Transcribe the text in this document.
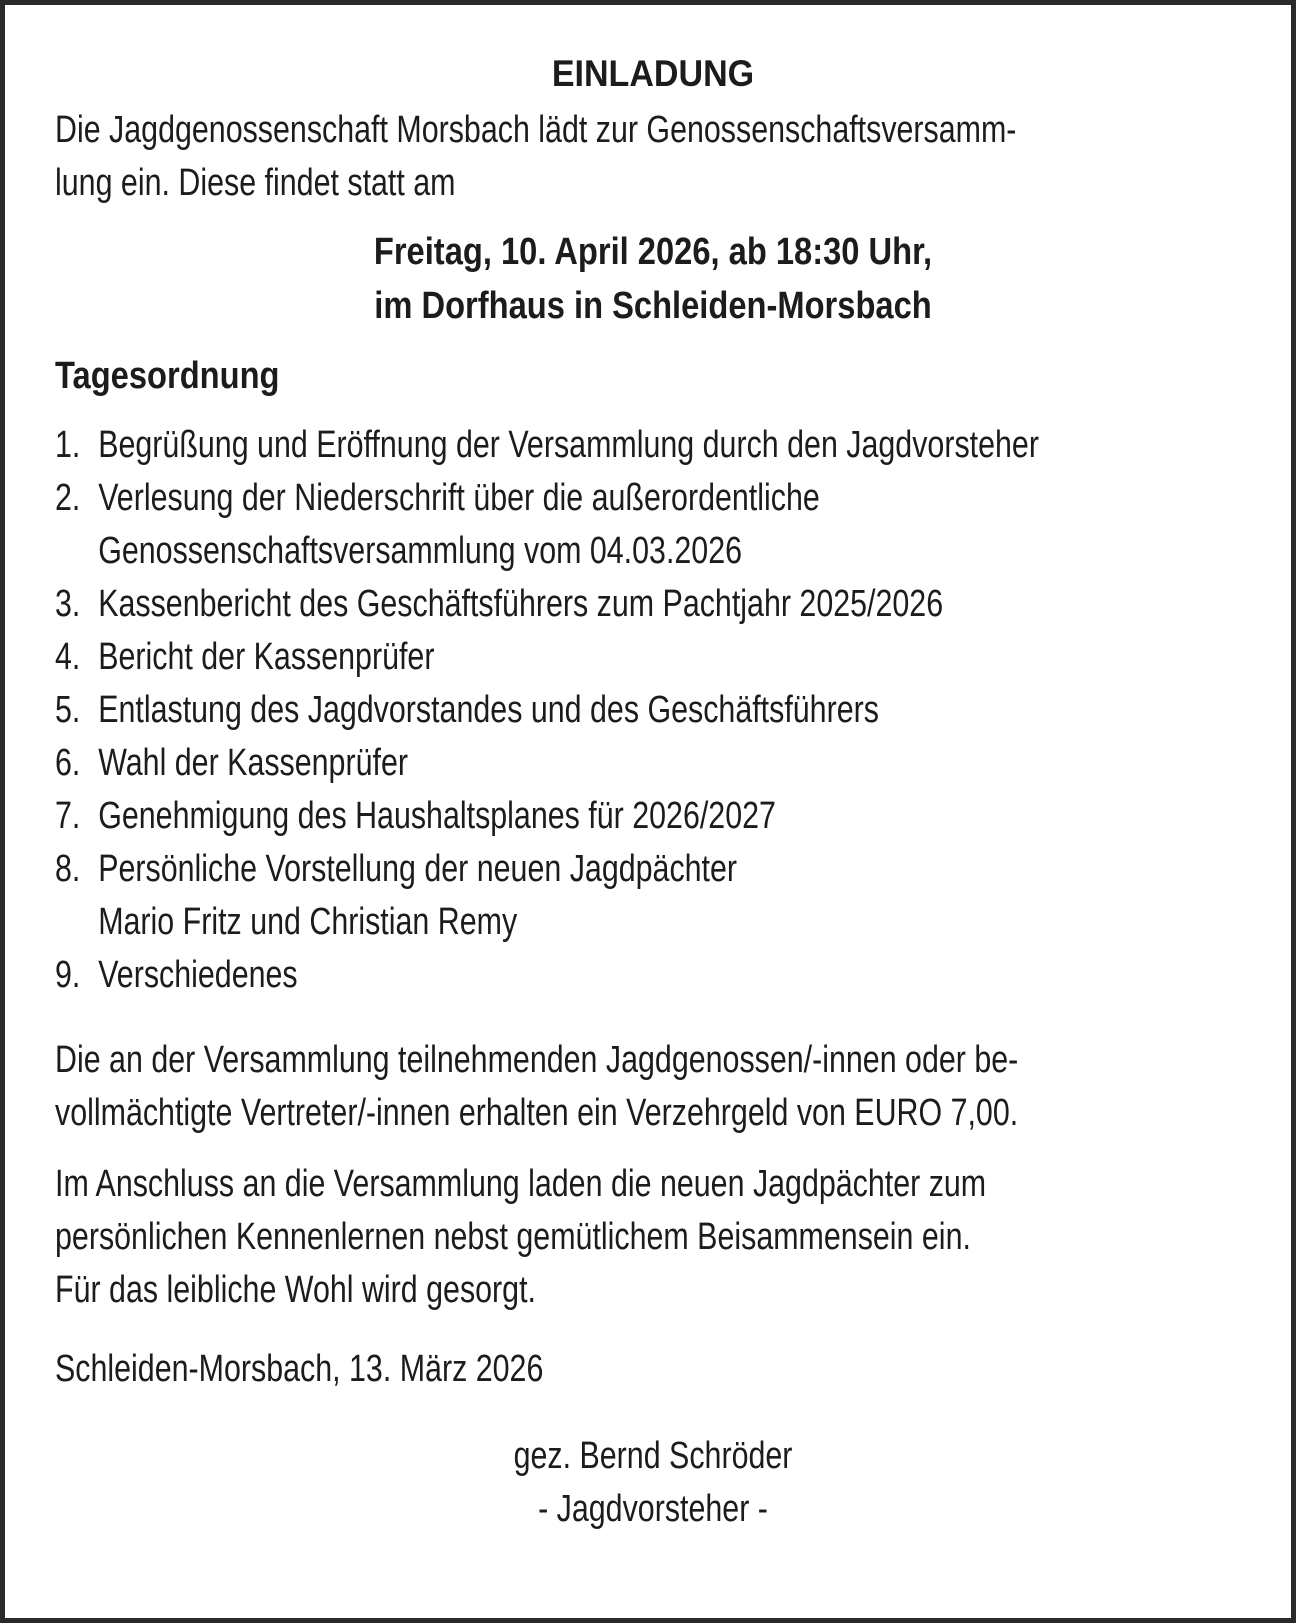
EINLADUNG
Die Jagdgenossenschaft Morsbach lädt zur Genossenschaftsversamm-
lung ein. Diese findet statt am
Freitag, 10. April 2026, ab 18:30 Uhr,
im Dorfhaus in Schleiden-Morsbach
Tagesordnung
1. Begrüßung und Eröffnung der Versammlung durch den Jagdvorsteher
2. Verlesung der Niederschrift über die außerordentliche
Genossenschaftsversammlung vom 04.03.2026
3. Kassenbericht des Geschäftsführers zum Pachtjahr 2025/2026
4. Bericht der Kassenprüfer
5. Entlastung des Jagdvorstandes und des Geschäftsführers
6. Wahl der Kassenprüfer
7. Genehmigung des Haushaltsplanes für 2026/2027
8. Persönliche Vorstellung der neuen Jagdpächter
Mario Fritz und Christian Remy
9. Verschiedenes
Die an der Versammlung teilnehmenden Jagdgenossen/-innen oder be-
vollmächtigte Vertreter/-innen erhalten ein Verzehrgeld von EURO 7,00.
Im Anschluss an die Versammlung laden die neuen Jagdpächter zum
persönlichen Kennenlernen nebst gemütlichem Beisammensein ein.
Für das leibliche Wohl wird gesorgt.
Schleiden-Morsbach, 13. März 2026
gez. Bernd Schröder
- Jagdvorsteher -
